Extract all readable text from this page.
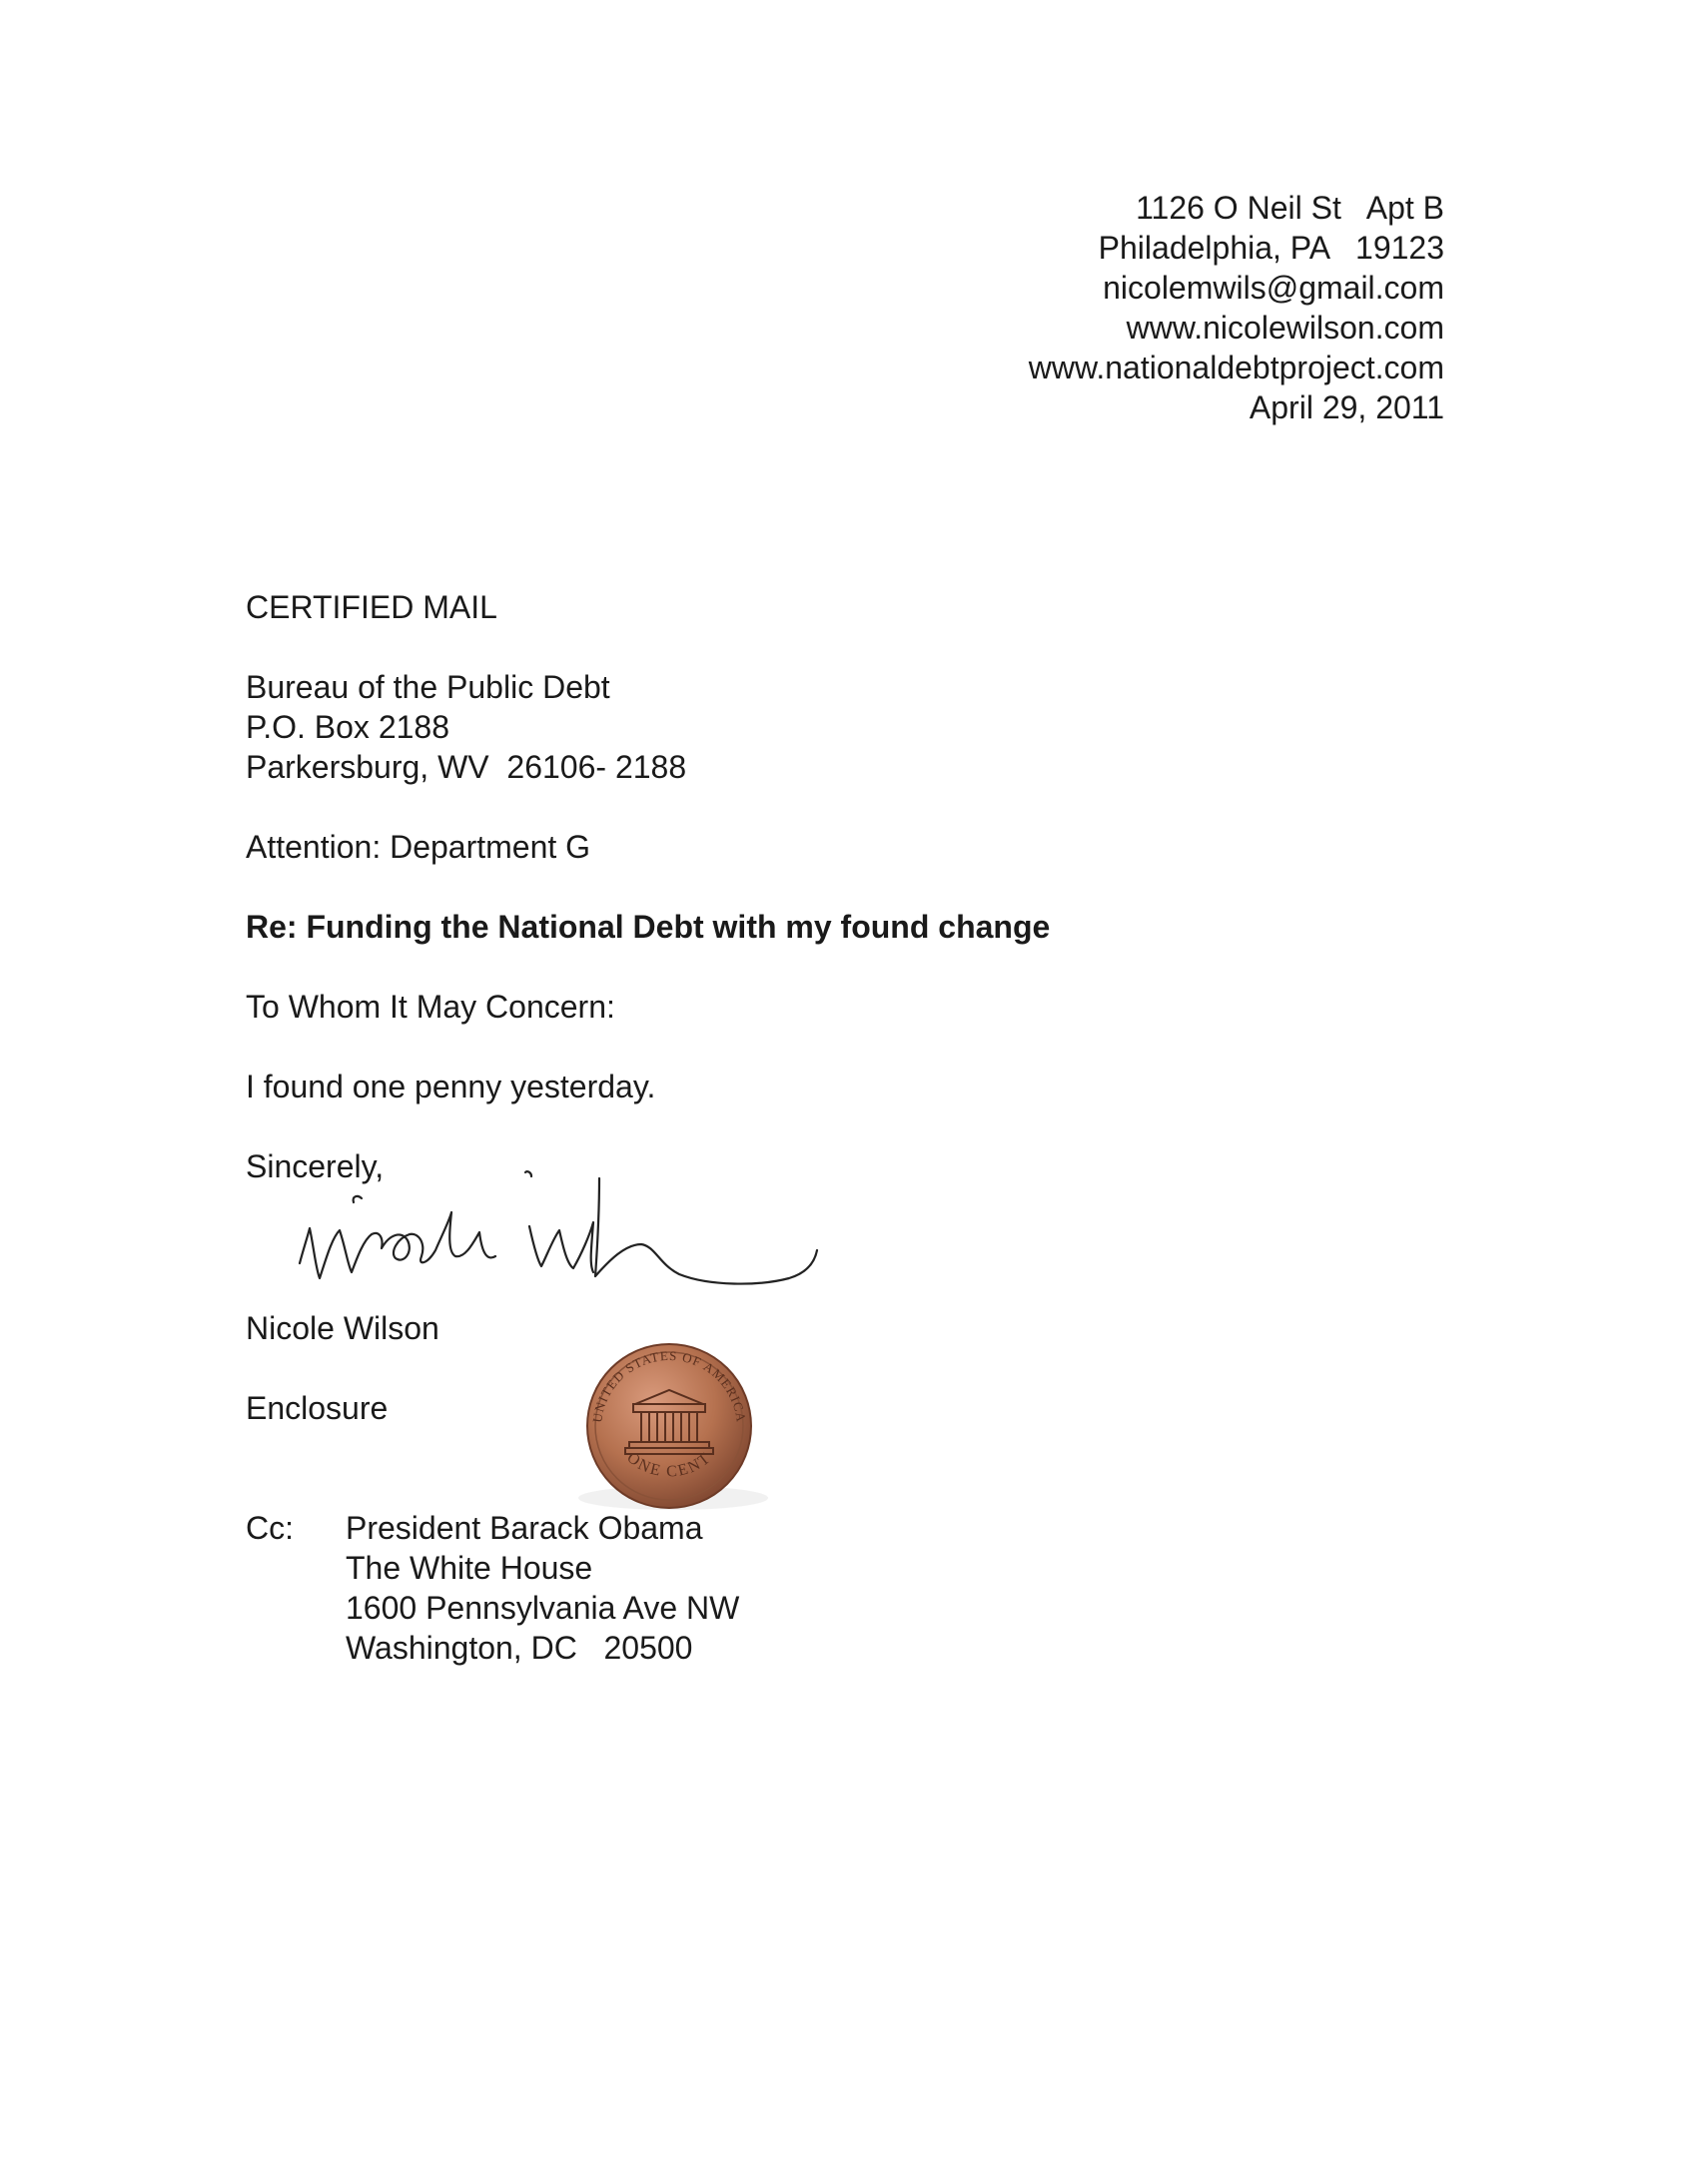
1126 O Neil St   Apt B
Philadelphia, PA   19123
nicolemwils@gmail.com
www.nicolewilson.com
www.nationaldebtproject.com
April 29, 2011
CERTIFIED MAIL
Bureau of the Public Debt
P.O. Box 2188
Parkersburg, WV  26106- 2188
Attention: Department G
Re: Funding the National Debt with my found change
To Whom It May Concern:
I found one penny yesterday.
Sincerely,
Nicole Wilson
UNITED STATES OF AMERICA
ONE CENT
Enclosure
Cc: President Barack Obama
The White House
1600 Pennsylvania Ave NW
Washington, DC   20500
